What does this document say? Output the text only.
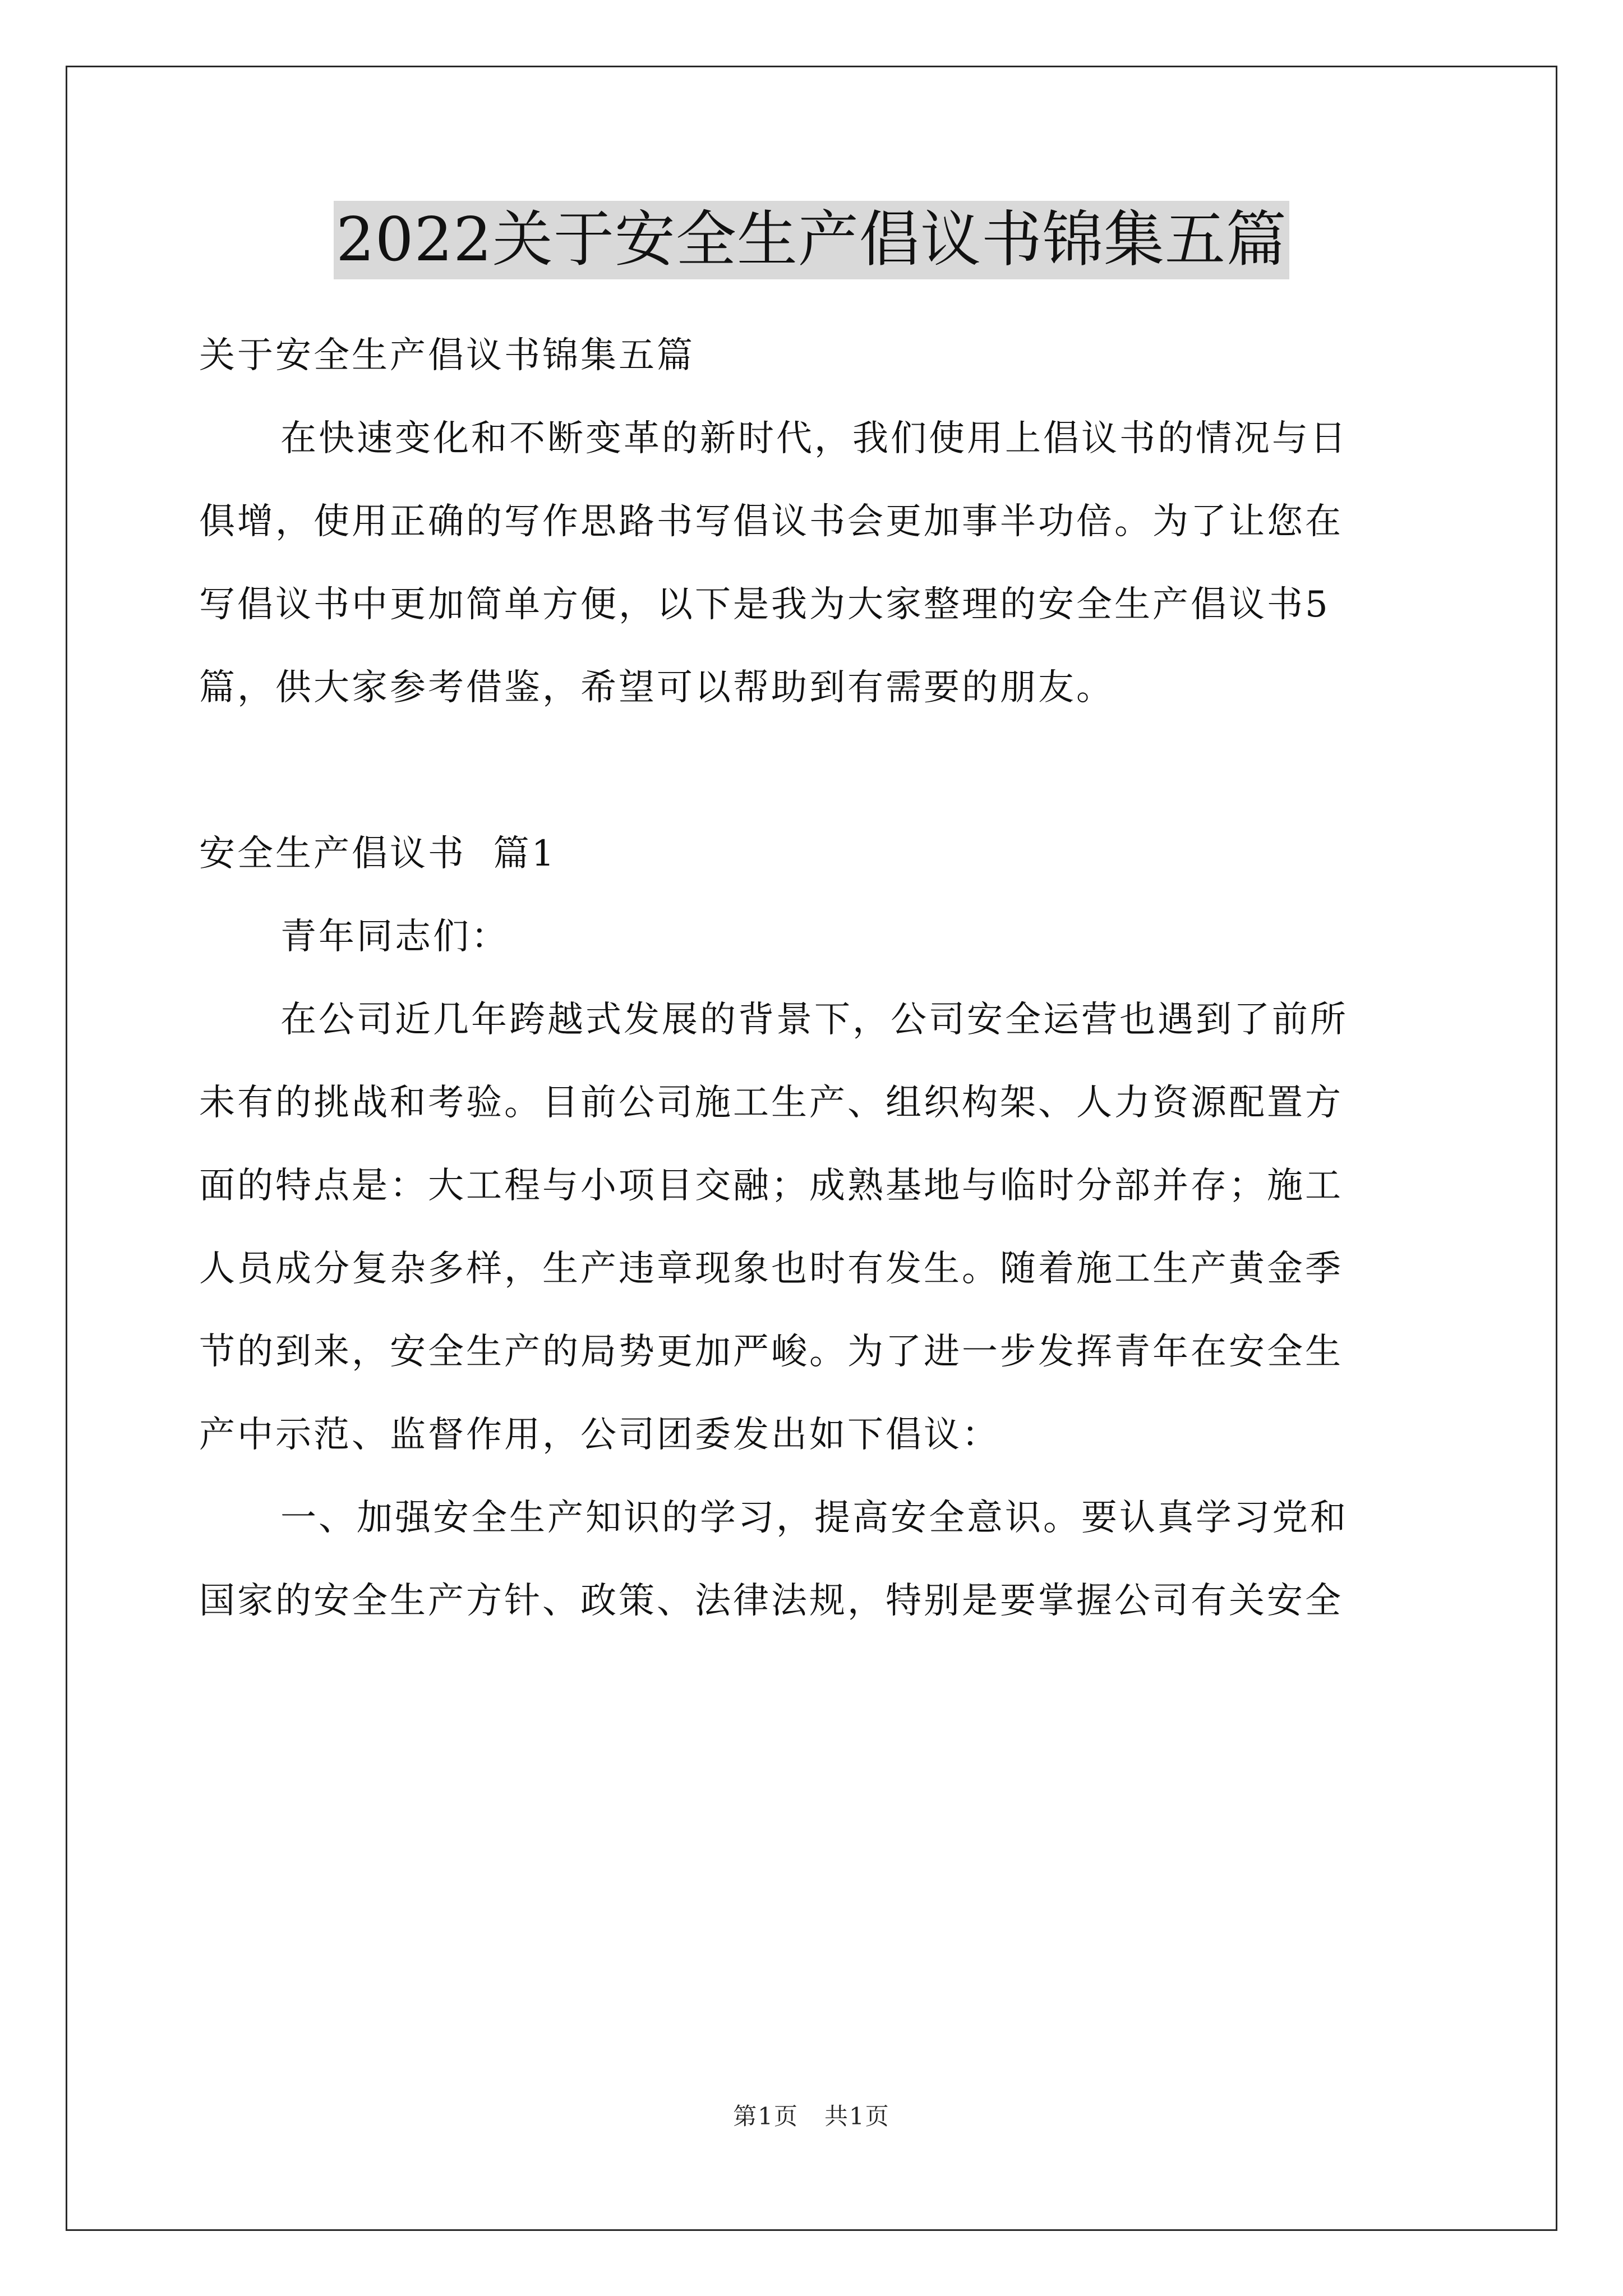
2022关于安全生产倡议书锦集五篇
关于安全生产倡议书锦集五篇
在快速变化和不断变革的新时代，我们使用上倡议书的情况与日
俱增，使用正确的写作思路书写倡议书会更加事半功倍。为了让您在
写倡议书中更加简单方便，以下是我为大家整理的安全生产倡议书5
篇，供大家参考借鉴，希望可以帮助到有需要的朋友。
安全生产倡议书  篇1
青年同志们：
在公司近几年跨越式发展的背景下，公司安全运营也遇到了前所
未有的挑战和考验。目前公司施工生产、组织构架、人力资源配置方
面的特点是：大工程与小项目交融；成熟基地与临时分部并存；施工
人员成分复杂多样，生产违章现象也时有发生。随着施工生产黄金季
节的到来，安全生产的局势更加严峻。为了进一步发挥青年在安全生
产中示范、监督作用，公司团委发出如下倡议：
一、加强安全生产知识的学习，提高安全意识。要认真学习党和
国家的安全生产方针、政策、法律法规，特别是要掌握公司有关安全
第1页   共1页
